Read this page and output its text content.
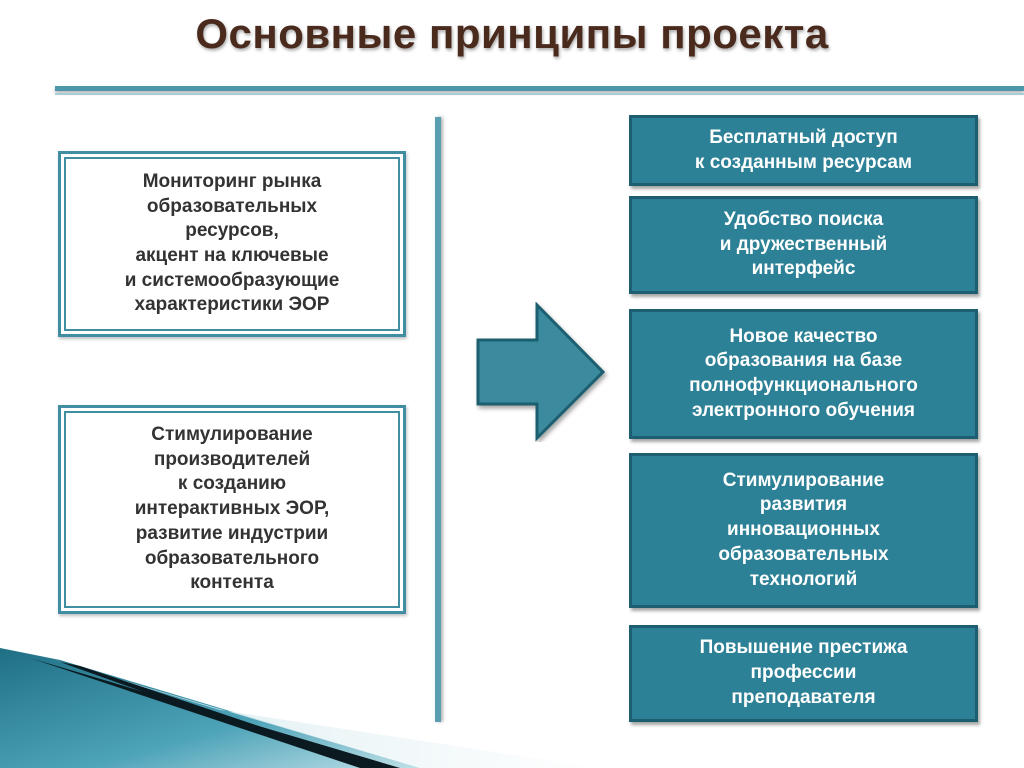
Основные принципы проекта
Мониторинг рынка
образовательных
ресурсов,
акцент на ключевые
и системообразующие
характеристики ЭОР
Стимулирование
производителей
к созданию
интерактивных ЭОР,
развитие индустрии
образовательного
контента
Бесплатный доступ
к созданным ресурсам
Удобство поиска
и дружественный
интерфейс
Новое качество
образования на базе
полнофункционального
электронного обучения
Стимулирование
развития
инновационных
образовательных
технологий
Повышение престижа
профессии
преподавателя
